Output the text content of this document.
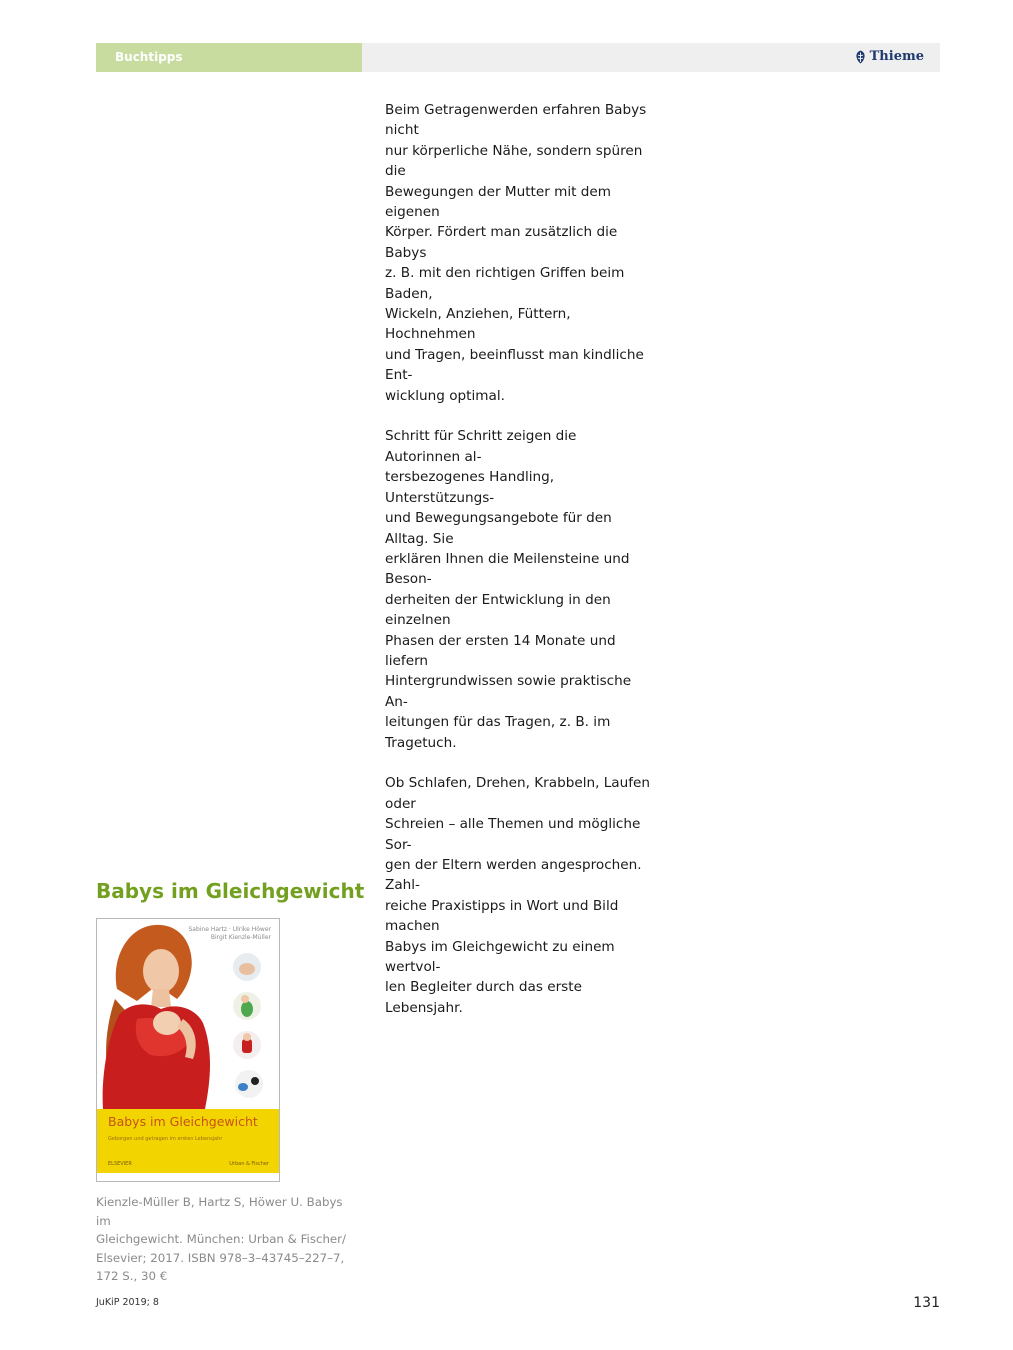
Buchtipps	Thieme

Beim Getragenwerden erfahren Babys nicht
nur körperliche Nähe, sondern spüren die
Bewegungen der Mutter mit dem eigenen
Körper. Fördert man zusätzlich die Babys
z. B. mit den richtigen Griffen beim Baden,
Wickeln, Anziehen, Füttern, Hochnehmen
und Tragen, beeinflusst man kindliche Ent-
wicklung optimal.

Schritt für Schritt zeigen die Autorinnen al-
tersbezogenes Handling, Unterstützungs-
und Bewegungsangebote für den Alltag. Sie
erklären Ihnen die Meilensteine und Beson-
derheiten der Entwicklung in den einzelnen
Phasen der ersten 14 Monate und liefern
Hintergrundwissen sowie praktische An-
leitungen für das Tragen, z. B. im Tragetuch.

Ob Schlafen, Drehen, Krabbeln, Laufen oder
Schreien – alle Themen und mögliche Sor-
gen der Eltern werden angesprochen. Zahl-
reiche Praxistipps in Wort und Bild machen
Babys im Gleichgewicht zu einem wertvol-
len Begleiter durch das erste Lebensjahr.

Babys im Gleichgewicht
Sabine Hartz · Ulrike Höwer
Birgit Kienzle-Müller
Babys im Gleichgewicht
Geborgen und getragen im ersten Lebensjahr
ELSEVIER	Urban & Fischer
Kienzle-Müller B, Hartz S, Höwer U. Babys im
Gleichgewicht. München: Urban & Fischer/
Elsevier; 2017. ISBN 978–3–43745–227–7,
172 S., 30 €
JuKiP 2019; 8	131
